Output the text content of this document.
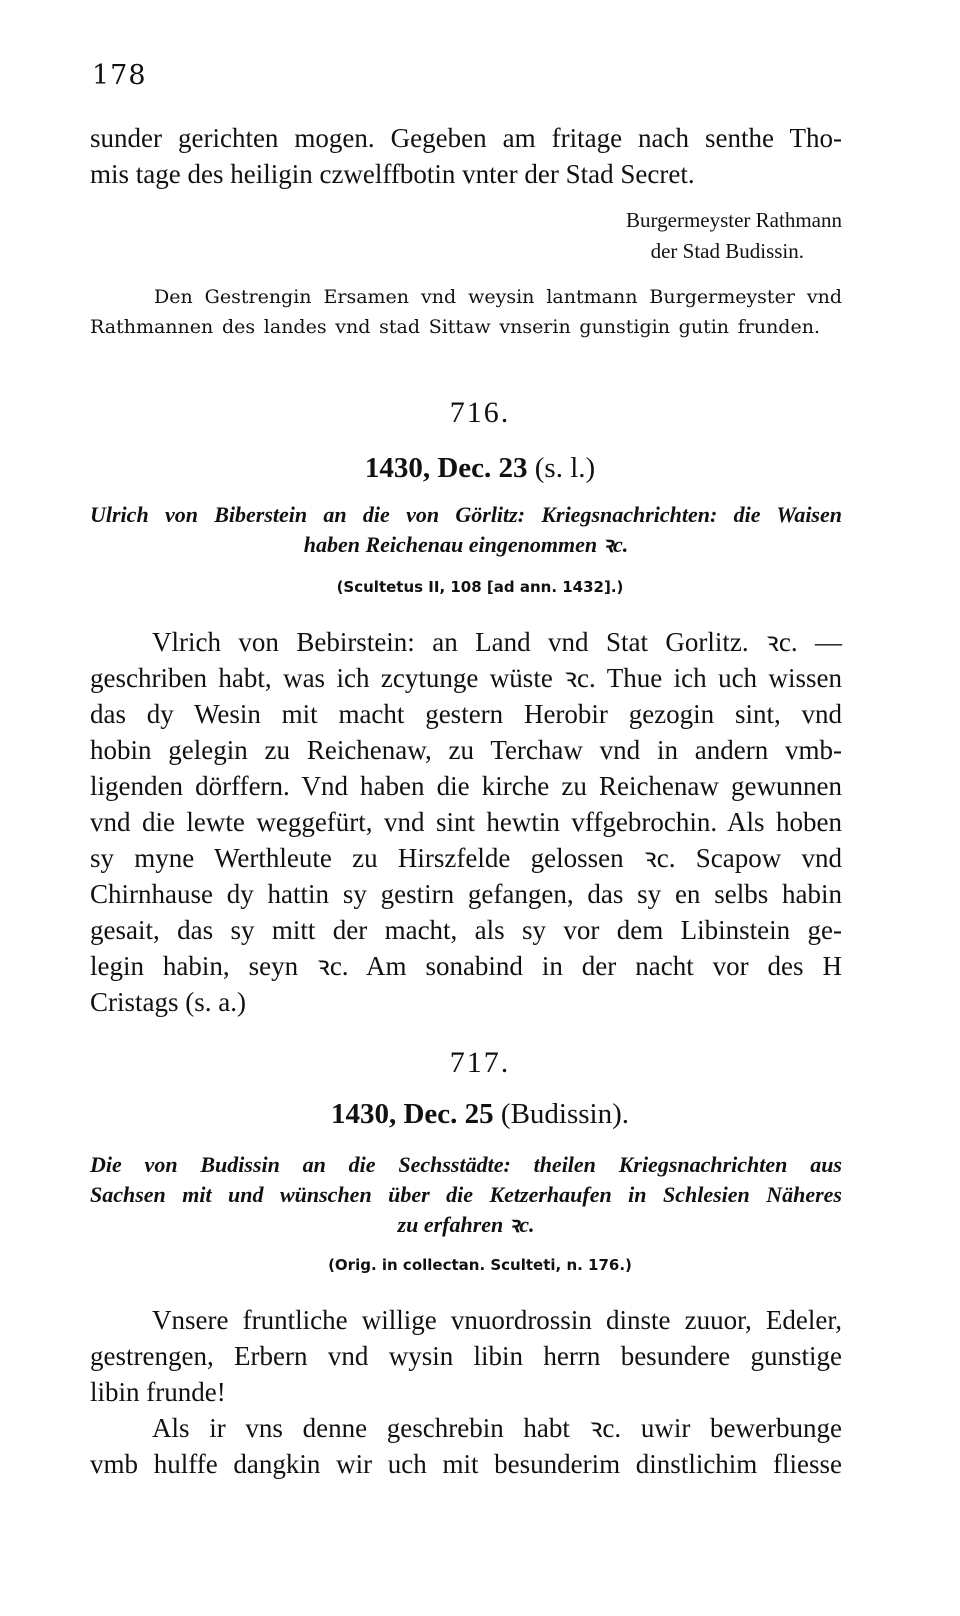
178
sunder gerichten mogen. Gegeben am fritage nach senthe Tho-
mis tage des heiligin czwelffbotin vnter der Stad Secret.
Burgermeyster Rathmann
der Stad Budissin.
Den Gestrengin Ersamen vnd weysin lantmann Burgermeyster vnd
Rathmannen des landes vnd stad Sittaw vnserin gunstigin gutin frunden.
716.
1430, Dec. 23 (s. l.)
Ulrich von Biberstein an die von Görlitz: Kriegsnachrichten: die Waisen
haben Reichenau eingenommen ꝛc.
(Scultetus II, 108 [ad ann. 1432].)
Vlrich von Bebirstein: an Land vnd Stat Gorlitz. ꝛc. —
geschriben habt, was ich zcytunge wüste ꝛc. Thue ich uch wissen
das dy Wesin mit macht gestern Herobir gezogin sint, vnd
hobin gelegin zu Reichenaw, zu Terchaw vnd in andern vmb-
ligenden dörffern. Vnd haben die kirche zu Reichenaw gewunnen
vnd die lewte weggefürt, vnd sint hewtin vffgebrochin. Als hoben
sy myne Werthleute zu Hirszfelde gelossen ꝛc. Scapow vnd
Chirnhause dy hattin sy gestirn gefangen, das sy en selbs habin
gesait, das sy mitt der macht, als sy vor dem Libinstein ge-
legin habin, seyn ꝛc. Am sonabind in der nacht vor des H
Cristags (s. a.)
717.
1430, Dec. 25 (Budissin).
Die von Budissin an die Sechsstädte: theilen Kriegsnachrichten aus
Sachsen mit und wünschen über die Ketzerhaufen in Schlesien Näheres
zu erfahren ꝛc.
(Orig. in collectan. Sculteti, n. 176.)
Vnsere fruntliche willige vnuordrossin dinste zuuor, Edeler,
gestrengen, Erbern vnd wysin libin herrn besundere gunstige
libin frunde!
Als ir vns denne geschrebin habt ꝛc. uwir bewerbunge
vmb hulffe dangkin wir uch mit besunderim dinstlichim fliesse
